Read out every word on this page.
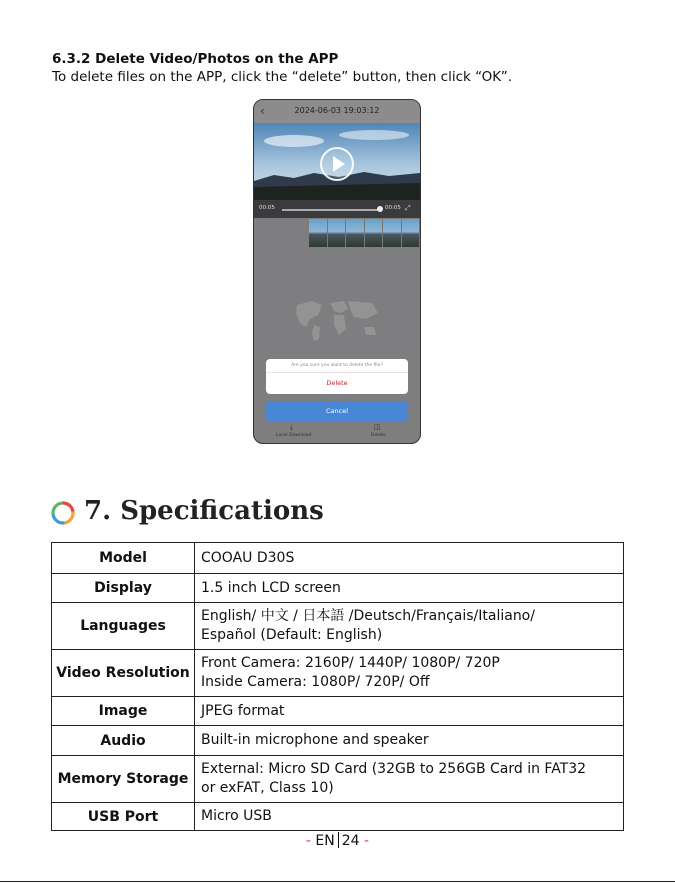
6.3.2 Delete Video/Photos on the APP
To delete files on the APP, click the “delete” button, then click “OK”.
‹	2024-06-03 19:03:12
00:05	00:05 ⤢
Are you sure you want to delete the file?
Delete
Cancel
⤓
Local Download
◫
Delete
7. Specifications
Model	COOAU D30S

Display	1.5 inch LCD screen

Languages	English/ 中文 / 日本語 /Deutsch/Français/Italiano/
Español (Default: English)

Video Resolution	Front Camera: 2160P/ 1440P/ 1080P/ 720P
Inside Camera: 1080P/ 720P/ Off

Image	JPEG format

Audio	Built-in microphone and speaker

Memory Storage	External: Micro SD Card (32GB to 256GB Card in FAT32
or exFAT, Class 10)

USB Port	Micro USB
- EN 24 -
